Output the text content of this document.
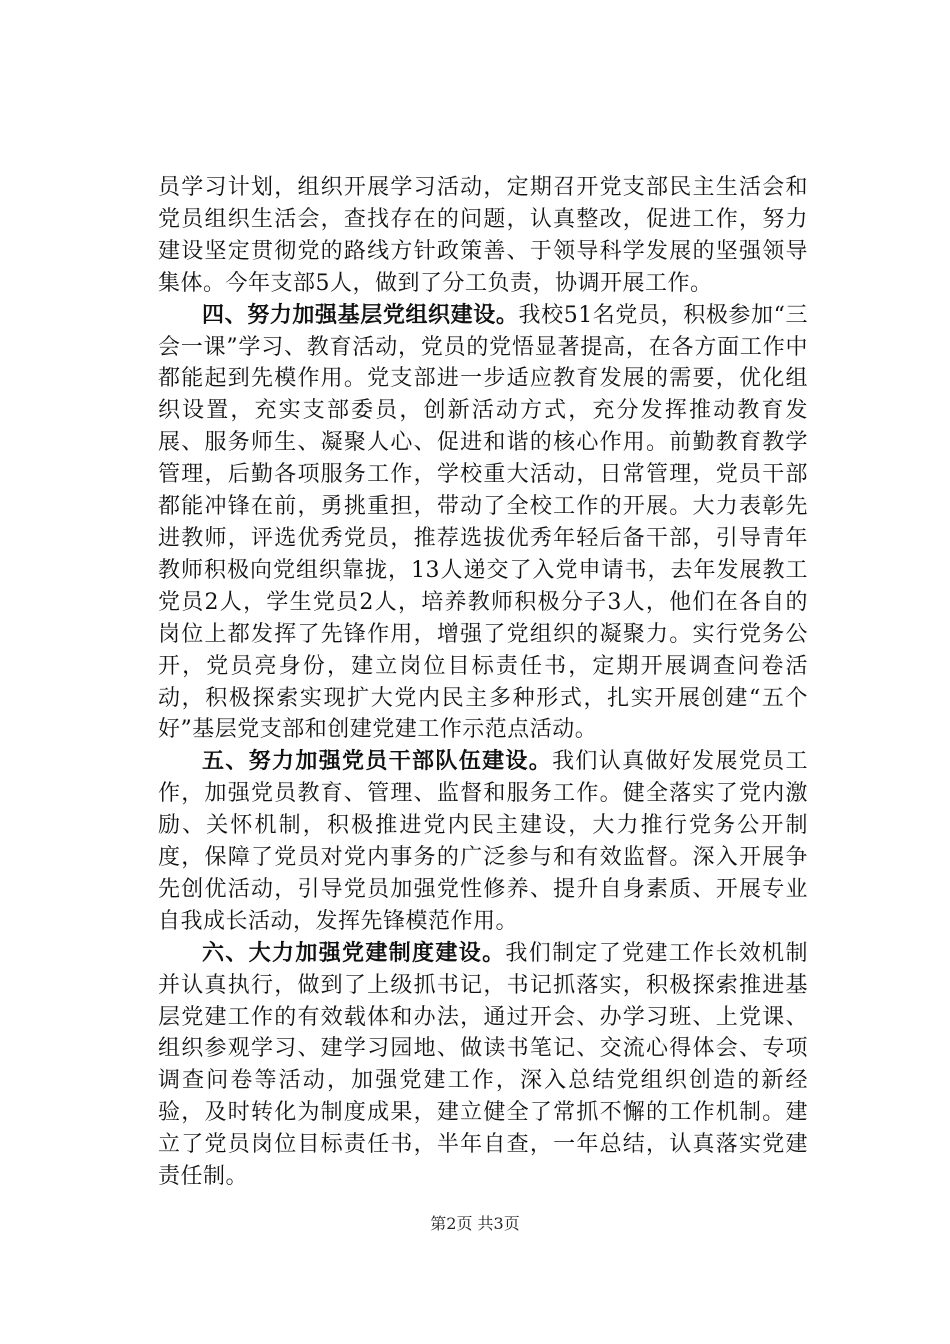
员学习计划，组织开展学习活动，定期召开党支部民主生活会和党员组织生活会，查找存在的问题，认真整改，促进工作，努力建设坚定贯彻党的路线方针政策善、于领导科学发展的坚强领导集体。今年支部5人，做到了分工负责，协调开展工作。

四、努力加强基层党组织建设。我校51名党员，积极参加“三会一课”学习、教育活动，党员的党悟显著提高，在各方面工作中都能起到先模作用。党支部进一步适应教育发展的需要，优化组织设置，充实支部委员，创新活动方式，充分发挥推动教育发展、服务师生、凝聚人心、促进和谐的核心作用。前勤教育教学管理，后勤各项服务工作，学校重大活动，日常管理，党员干部都能冲锋在前，勇挑重担，带动了全校工作的开展。大力表彰先进教师，评选优秀党员，推荐选拔优秀年轻后备干部，引导青年教师积极向党组织靠拢，13人递交了入党申请书，去年发展教工党员2人，学生党员2人，培养教师积极分子3人，他们在各自的岗位上都发挥了先锋作用，增强了党组织的凝聚力。实行党务公开，党员亮身份，建立岗位目标责任书，定期开展调查问卷活动，积极探索实现扩大党内民主多种形式，扎实开展创建“五个好”基层党支部和创建党建工作示范点活动。

五、努力加强党员干部队伍建设。我们认真做好发展党员工作，加强党员教育、管理、监督和服务工作。健全落实了党内激励、关怀机制，积极推进党内民主建设，大力推行党务公开制度，保障了党员对党内事务的广泛参与和有效监督。深入开展争先创优活动，引导党员加强党性修养、提升自身素质、开展专业自我成长活动，发挥先锋模范作用。

六、大力加强党建制度建设。我们制定了党建工作长效机制并认真执行，做到了上级抓书记，书记抓落实，积极探索推进基层党建工作的有效载体和办法，通过开会、办学习班、上党课、组织参观学习、建学习园地、做读书笔记、交流心得体会、专项调查问卷等活动，加强党建工作，深入总结党组织创造的新经验，及时转化为制度成果，建立健全了常抓不懈的工作机制。建立了党员岗位目标责任书，半年自查，一年总结，认真落实党建责任制。

第2页 共3页
